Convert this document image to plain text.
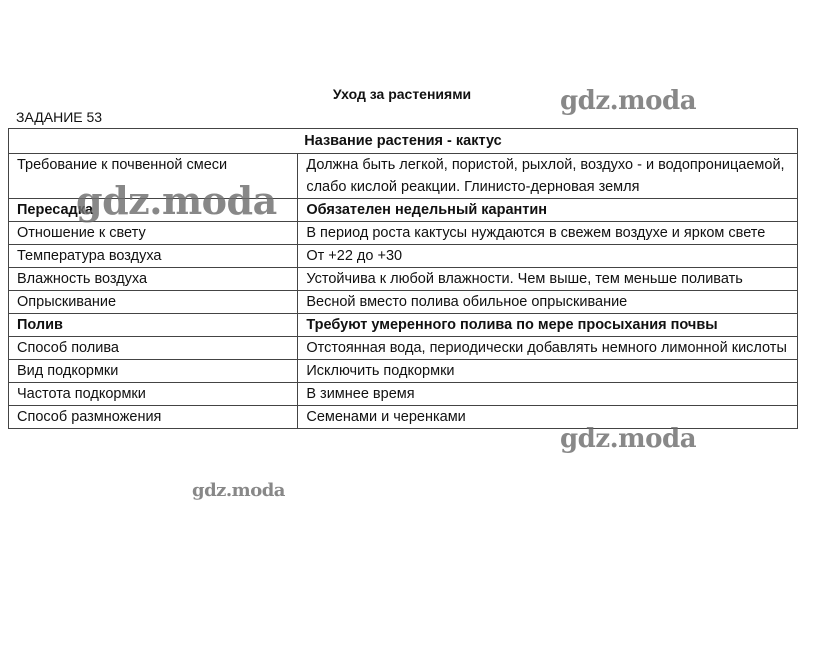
Уход за растениями
ЗАДАНИЕ 53
Название растения - кактус	
Требование к почвенной смеси	Должна быть легкой, пористой, рыхлой, воздухо - и водопроницаемой, слабо кислой реакции. Глинисто-дерновая земля
Пересадка	Обязателен недельный карантин
Отношение к свету	В период роста кактусы нуждаются в свежем воздухе и ярком свете
Температура воздуха	От +22 до +30
Влажность воздуха	Устойчива к любой влажности. Чем выше, тем меньше поливать
Опрыскивание	Весной вместо полива обильное опрыскивание
Полив	Требуют умеренного полива по мере просыхания почвы
Способ полива	Отстоянная вода, периодически добавлять немного лимонной кислоты
Вид подкормки	Исключить подкормки
Частота подкормки	В зимнее время
Способ размножения	Семенами и черенками
gdz.moda
gdz.moda
gdz.moda
gdz.moda
